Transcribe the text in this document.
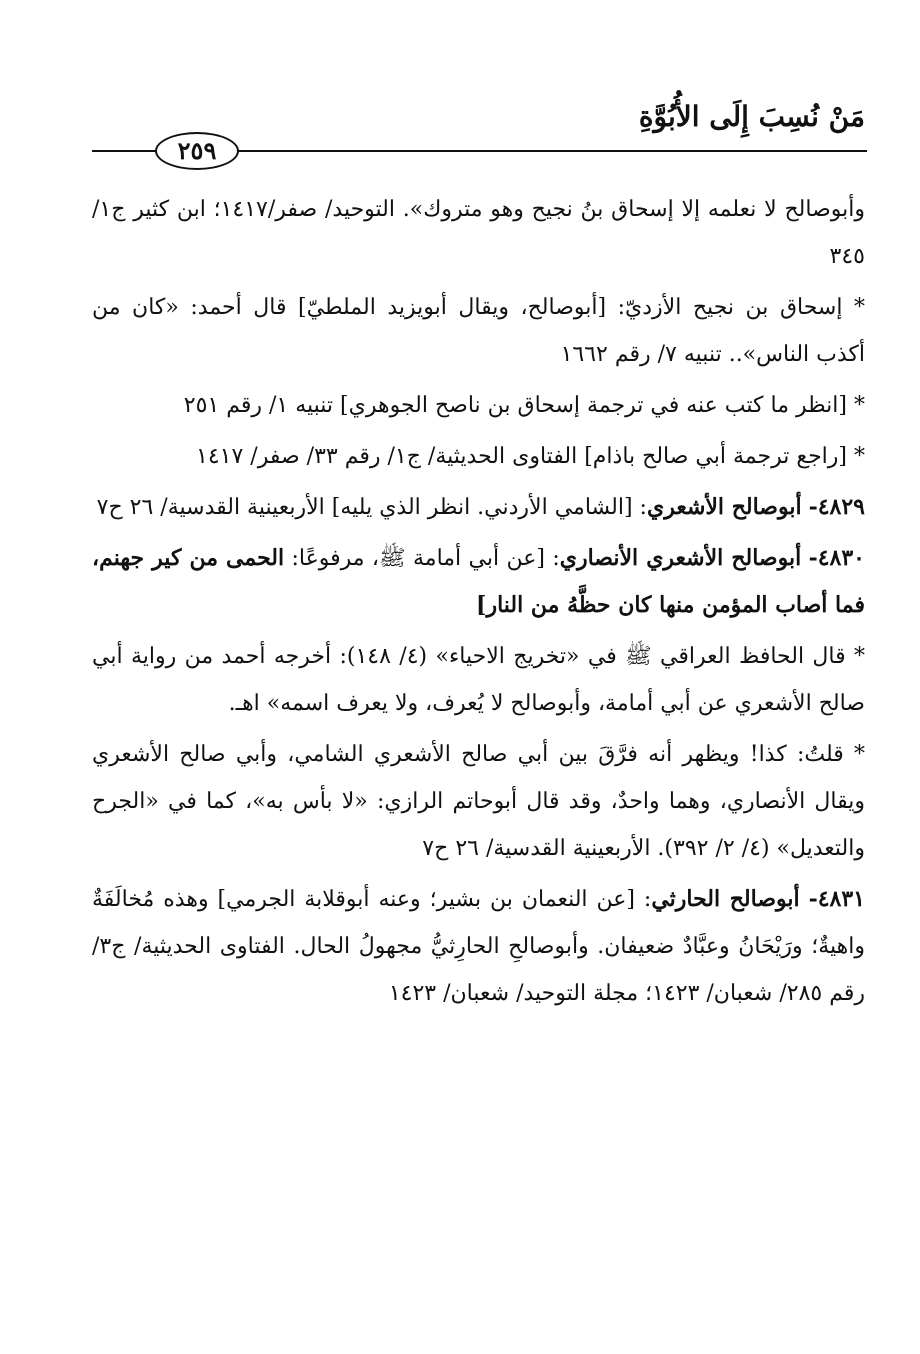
مَنْ نُسِبَ إِلَى الأُبُوَّةِ
٢٥٩

وأبوصالح لا نعلمه إلا إسحاق بنُ نجيح وهو متروك». التوحيد/ صفر/١٤١٧؛ ابن كثير ج١/ ٣٤٥

* إسحاق بن نجيح الأزديّ: [أبوصالح، ويقال أبويزيد الملطيّ] قال أحمد: «كان من أكذب الناس».. تنبيه ٧/ رقم ١٦٦٢

* [انظر ما كتب عنه في ترجمة إسحاق بن ناصح الجوهري] تنبيه ١/ رقم ٢٥١

* [راجع ترجمة أبي صالح باذام] الفتاوى الحديثية/ ج١/ رقم ٣٣/ صفر/ ١٤١٧

٤٨٢٩- أبوصالح الأشعري: [الشامي الأردني. انظر الذي يليه] الأربعينية القدسية/ ٢٦ ح٧

٤٨٣٠- أبوصالح الأشعري الأنصاري: [عن أبي أمامة ﷺ، مرفوعًا: الحمى من كير جهنم، فما أصاب المؤمن منها كان حظَّهُ من النار]

* قال الحافظ العراقي ﷺ في «تخريج الاحياء» (٤/ ١٤٨): أخرجه أحمد من رواية أبي صالح الأشعري عن أبي أمامة، وأبوصالح لا يُعرف، ولا يعرف اسمه» اهـ.

* قلتُ: كذا! ويظهر أنه فرَّقَ بين أبي صالح الأشعري الشامي، وأبي صالح الأشعري ويقال الأنصاري، وهما واحدٌ، وقد قال أبوحاتم الرازي: «لا بأس به»، كما في «الجرح والتعديل» (٤/ ٢/ ٣٩٢). الأربعينية القدسية/ ٢٦ ح٧

٤٨٣١- أبوصالح الحارثي: [عن النعمان بن بشير؛ وعنه أبوقلابة الجرمي] وهذه مُخالَفَةٌ واهيةٌ؛ ورَيْحَانُ وعبَّادٌ ضعيفان. وأبوصالحِ الحارِثيُّ مجهولُ الحال. الفتاوى الحديثية/ ج٣/ رقم ٢٨٥/ شعبان/ ١٤٢٣؛ مجلة التوحيد/ شعبان/ ١٤٢٣
